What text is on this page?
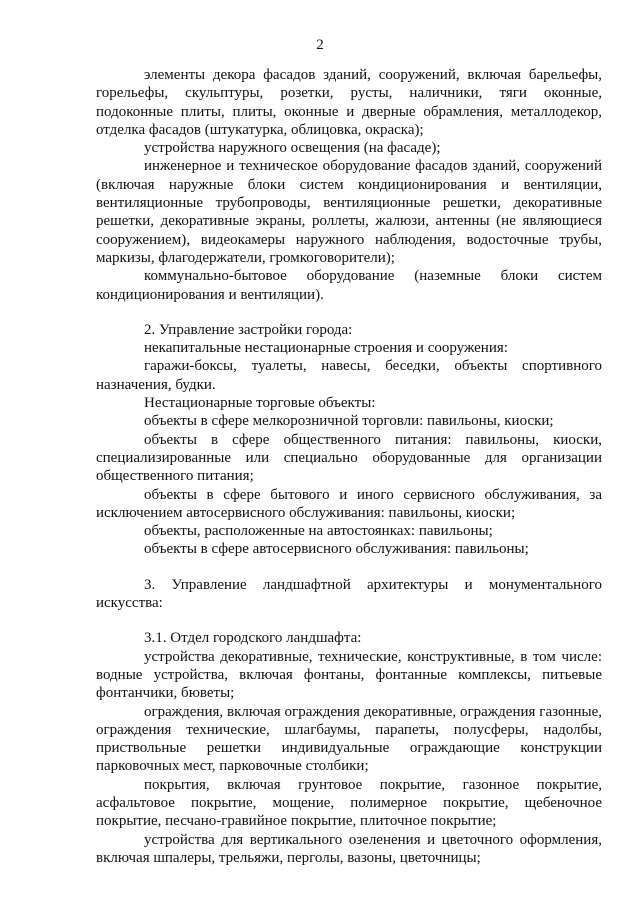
2

элементы декора фасадов зданий, сооружений, включая барельефы, горельефы, скульптуры, розетки, русты, наличники, тяги оконные, подоконные плиты, плиты, оконные и дверные обрамления, металлодекор, отделка фасадов (штукатурка, облицовка, окраска);

устройства наружного освещения (на фасаде);

инженерное и техническое оборудование фасадов зданий, сооружений (включая наружные блоки систем кондиционирования и вентиляции, вентиляционные трубопроводы, вентиляционные решетки, декоративные решетки, декоративные экраны, роллеты, жалюзи, антенны (не являющиеся сооружением), видеокамеры наружного наблюдения, водосточные трубы, маркизы, флагодержатели, громкоговорители);

коммунально-бытовое оборудование (наземные блоки систем кондиционирования и вентиляции).

2. Управление застройки города:

некапитальные нестационарные строения и сооружения:

гаражи-боксы, туалеты, навесы, беседки, объекты спортивного назначения, будки.

Нестационарные торговые объекты:

объекты в сфере мелкорозничной торговли: павильоны, киоски;

объекты в сфере общественного питания: павильоны, киоски, специализированные или специально оборудованные для организации общественного питания;

объекты в сфере бытового и иного сервисного обслуживания, за исключением автосервисного обслуживания: павильоны, киоски;

объекты, расположенные на автостоянках: павильоны;

объекты в сфере автосервисного обслуживания: павильоны;

3. Управление ландшафтной архитектуры и монументального искусства:

3.1. Отдел городского ландшафта:

устройства декоративные, технические, конструктивные, в том числе: водные устройства, включая фонтаны, фонтанные комплексы, питьевые фонтанчики, бюветы;

ограждения, включая ограждения декоративные, ограждения газонные, ограждения технические, шлагбаумы, парапеты, полусферы, надолбы, приствольные решетки индивидуальные ограждающие конструкции парковочных мест, парковочные столбики;

покрытия, включая грунтовое покрытие, газонное покрытие, асфальтовое покрытие, мощение, полимерное покрытие, щебеночное покрытие, песчано-гравийное покрытие, плиточное покрытие;

устройства для вертикального озеленения и цветочного оформления, включая шпалеры, трельяжи, перголы, вазоны, цветочницы;
